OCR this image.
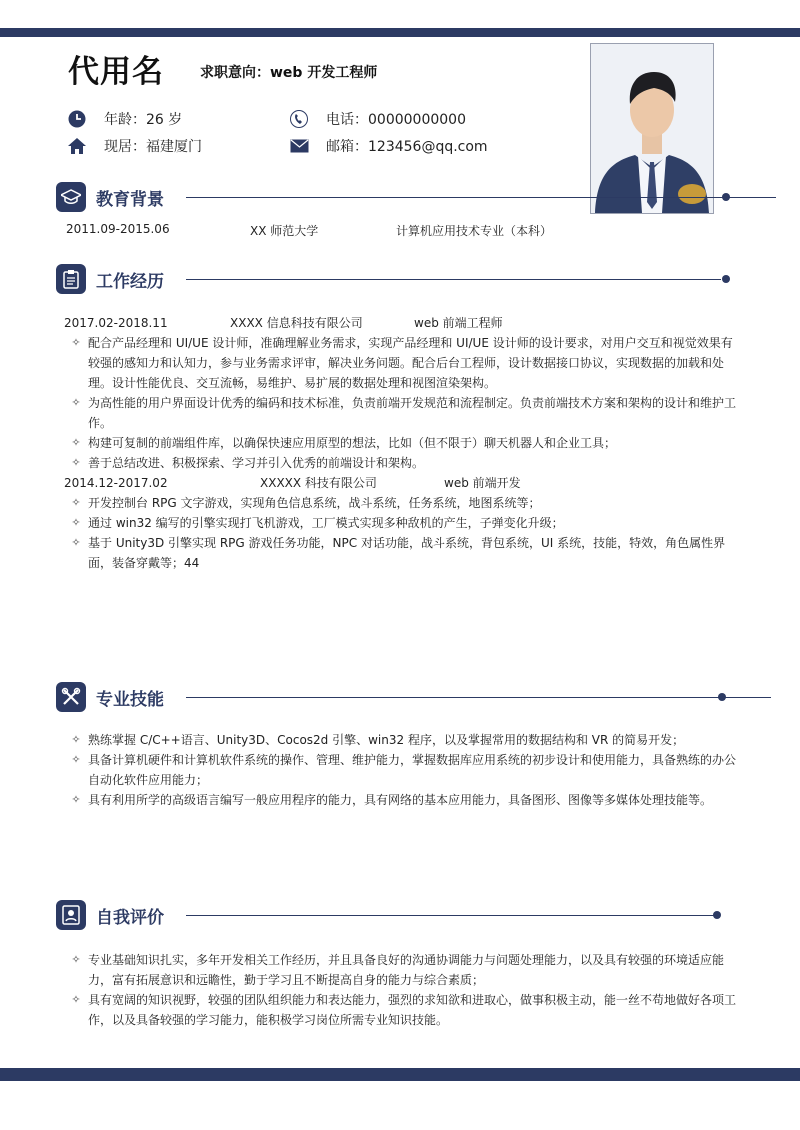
代用名	求职意向：web 开发工程师
年龄：26 岁
现居：福建厦门
电话：00000000000
邮箱：123456@qq.com
教育背景
2011.09-2015.06	XX 师范大学	计算机应用技术专业（本科）
工作经历
2017.02-2018.11	XXXX 信息科技有限公司	web 前端工程师
✧ 配合产品经理和 UI/UE 设计师，准确理解业务需求，实现产品经理和 UI/UE 设计师的设计要求，对用户交互和视觉效果有较强的感知力和认知力，参与业务需求评审，解决业务问题。配合后台工程师，设计数据接口协议，实现数据的加载和处理。设计性能优良、交互流畅，易维护、易扩展的数据处理和视图渲染架构。
✧ 为高性能的用户界面设计优秀的编码和技术标准，负责前端开发规范和流程制定。负责前端技术方案和架构的设计和维护工作。
✧ 构建可复制的前端组件库，以确保快速应用原型的想法，比如（但不限于）聊天机器人和企业工具；
✧ 善于总结改进、积极探索、学习并引入优秀的前端设计和架构。
2014.12-2017.02	XXXXX 科技有限公司	web 前端开发
✧ 开发控制台 RPG 文字游戏，实现角色信息系统，战斗系统，任务系统，地图系统等；
✧ 通过 win32 编写的引擎实现打飞机游戏，工厂模式实现多种敌机的产生，子弹变化升级；
✧ 基于 Unity3D 引擎实现 RPG 游戏任务功能，NPC 对话功能，战斗系统，背包系统，UI 系统，技能，特效，角色属性界面，装备穿戴等；44
专业技能
✧ 熟练掌握 C/C++语言、Unity3D、Cocos2d 引擎、win32 程序，以及掌握常用的数据结构和 VR 的简易开发；
✧ 具备计算机硬件和计算机软件系统的操作、管理、维护能力，掌握数据库应用系统的初步设计和使用能力，具备熟练的办公自动化软件应用能力；
✧ 具有利用所学的高级语言编写一般应用程序的能力，具有网络的基本应用能力，具备图形、图像等多媒体处理技能等。
自我评价
✧ 专业基础知识扎实，多年开发相关工作经历，并且具备良好的沟通协调能力与问题处理能力，以及具有较强的环境适应能力，富有拓展意识和远瞻性，勤于学习且不断提高自身的能力与综合素质；
✧ 具有宽阔的知识视野，较强的团队组织能力和表达能力，强烈的求知欲和进取心，做事积极主动，能一丝不苟地做好各项工作，以及具备较强的学习能力，能积极学习岗位所需专业知识技能。
